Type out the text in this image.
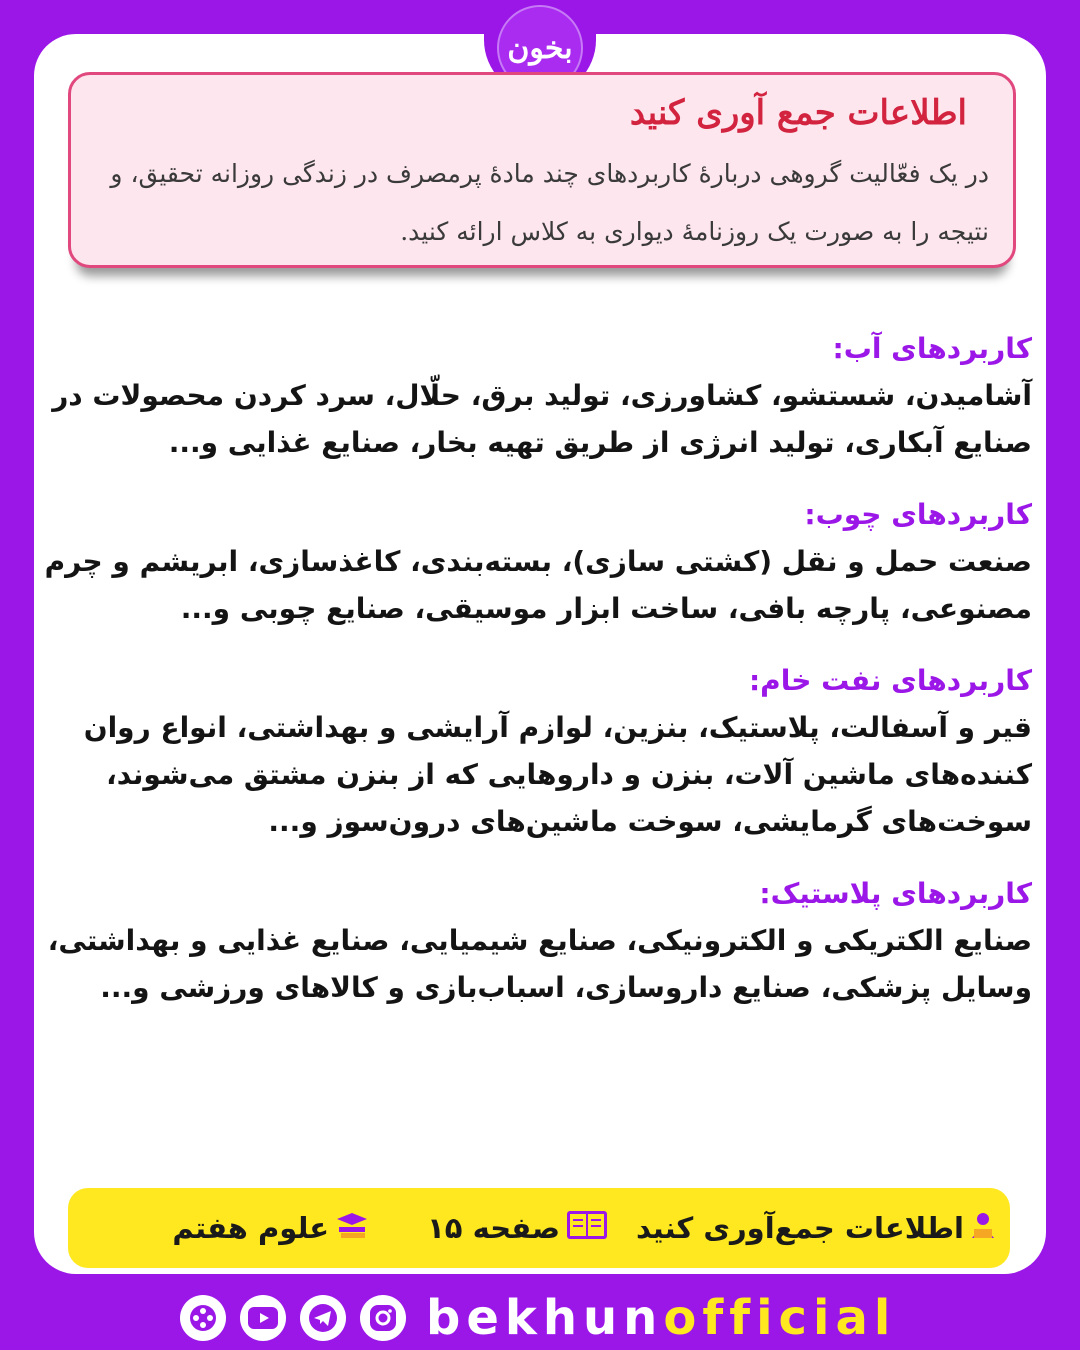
بخون
اطلاعات جمع آوری کنید
در یک فعّالیت گروهی دربارهٔ کاربردهای چند مادهٔ پرمصرف در زندگی روزانه تحقیق، و
نتیجه را به صورت یک روزنامهٔ دیواری به کلاس ارائه کنید.
کاربردهای آب:
آشامیدن، شستشو، کشاورزی، تولید برق، حلّال، سرد کردن محصولات در صنایع آبکاری، تولید انرژی از طریق تهیه بخار، صنایع غذایی و...
کاربردهای چوب:
صنعت حمل و نقل (کشتی سازی)، بسته‌بندی، کاغذسازی، ابریشم و چرم مصنوعی، پارچه بافی، ساخت ابزار موسیقی، صنایع چوبی و...
کاربردهای نفت خام:
قیر و آسفالت، پلاستیک، بنزین، لوازم آرایشی و بهداشتی، انواع روان کننده‌های ماشین آلات، بنزن و داروهایی که از بنزن مشتق می‌شوند، سوخت‌های گرمایشی، سوخت ماشین‌های درون‌سوز و...
کاربردهای پلاستیک:
صنایع الکتریکی و الکترونیکی، صنایع شیمیایی، صنایع غذایی و بهداشتی، وسایل پزشکی، صنایع داروسازی، اسباب‌بازی و کالاهای ورزشی و...
اطلاعات جمع‌آوری کنید
صفحه ۱۵
علوم هفتم
bekhunofficial
